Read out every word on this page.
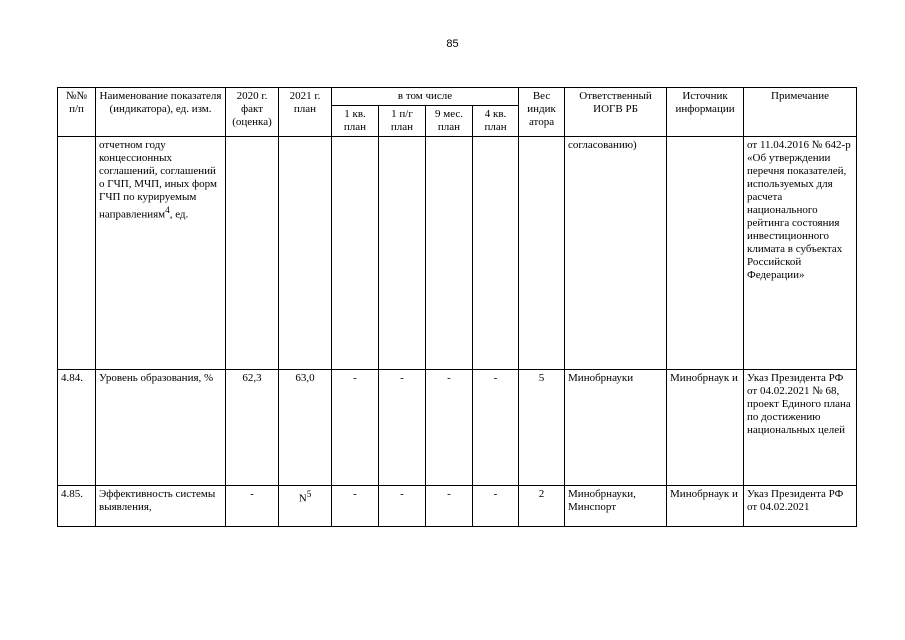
85
№№ п/п	Наименование показателя (индикатора), ед. изм.	2020 г. факт (оценка)	2021 г. план	в том числе				Вес индик атора	Ответственный ИОГВ РБ	Источник информации	Примечание
				1 кв. план	1 п/г план	9 мес. план	4 кв. план				
	отчетном году концессионных соглашений, соглашений о ГЧП, МЧП, иных форм ГЧП по курируемым направлениям$^4$, ед.								согласованию)		от 11.04.2016 № 642-р «Об утверждении перечня показателей, используемых для расчета национального рейтинга состояния инвестиционного климата в субъектах Российской Федерации»
4.84.	Уровень образования, %	62,3	63,0	-	-	-	-	5	Минобрнауки	Минобрнаук и	Указ Президента РФ от 04.02.2021 № 68, проект Единого плана по достижению национальных целей
4.85.	Эффективность системы выявления,	-	$N^5$	-	-	-	-	2	Минобрнауки, Минспорт	Минобрнаук и	Указ Президента РФ от 04.02.2021
